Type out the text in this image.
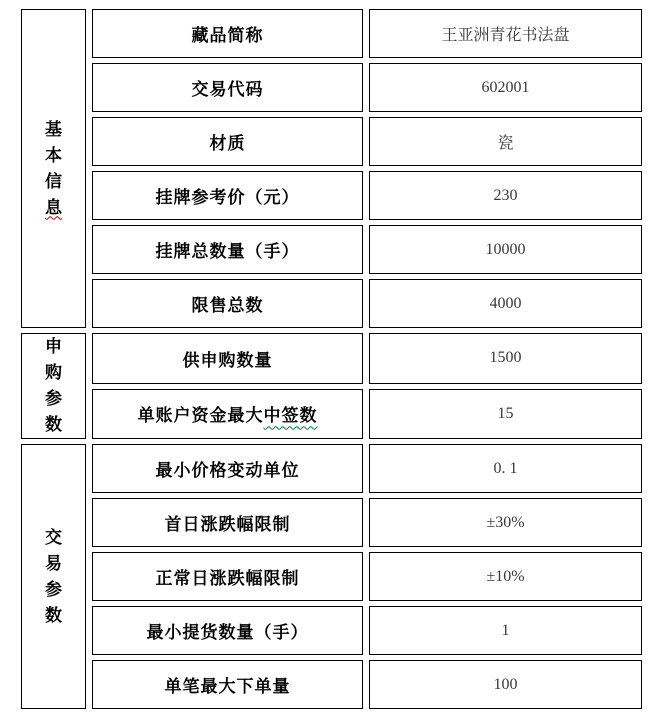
基本信息	藏品简称	王亚洲青花书法盘
	交易代码	602001
	材质	瓷
	挂牌参考价（元）	230
	挂牌总数量（手）	10000
	限售总数	4000

申购参数	供申购数量	1500
	单账户资金最大中签数	15

交易参数	最小价格变动单位	0. 1
	首日涨跌幅限制	±30%
	正常日涨跌幅限制	±10%
	最小提货数量（手）	1
	单笔最大下单量	100
